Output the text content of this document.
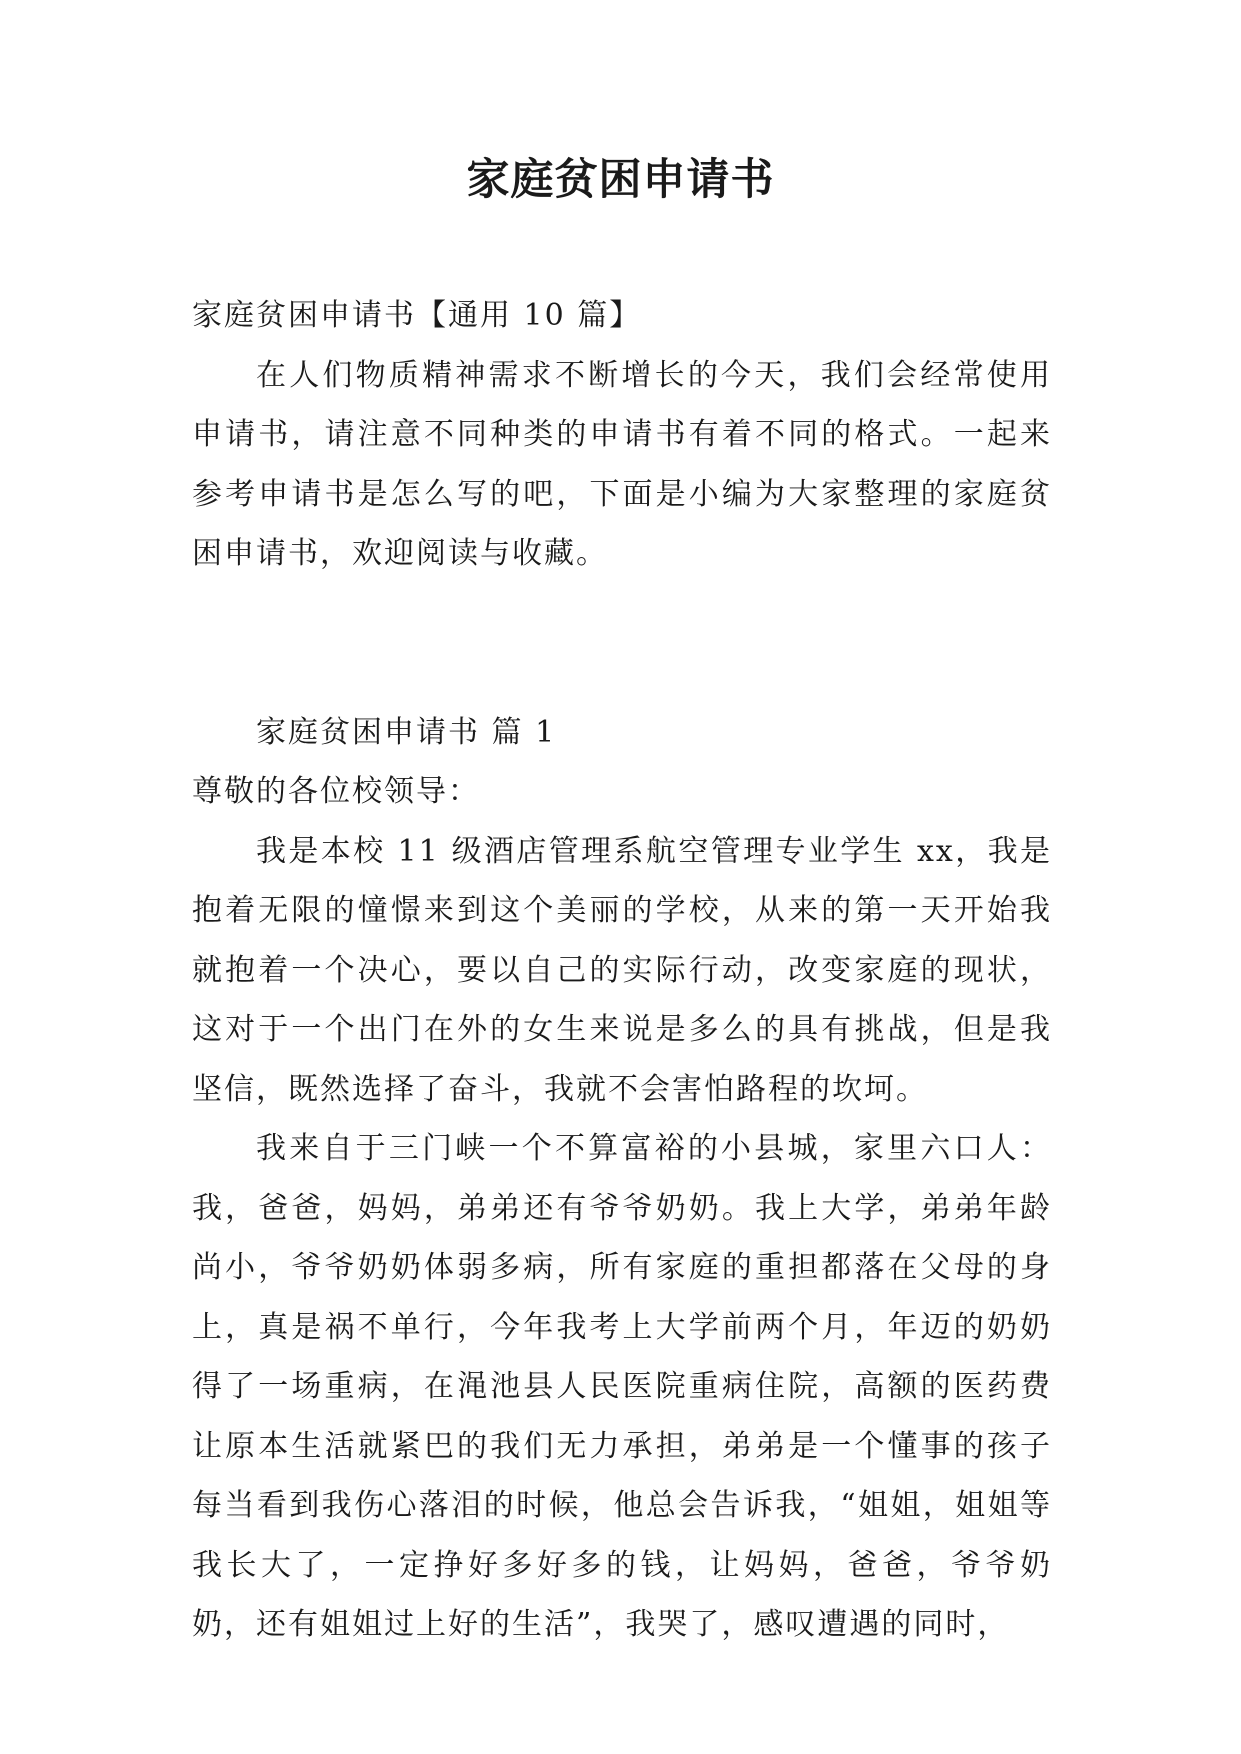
家庭贫困申请书

家庭贫困申请书【通用 10 篇】

在人们物质精神需求不断增长的今天，我们会经常使用申请书，请注意不同种类的申请书有着不同的格式。一起来参考申请书是怎么写的吧，下面是小编为大家整理的家庭贫困申请书，欢迎阅读与收藏。

家庭贫困申请书 篇 1

尊敬的各位校领导：

我是本校 11 级酒店管理系航空管理专业学生 xx，我是抱着无限的憧憬来到这个美丽的学校，从来的第一天开始我就抱着一个决心，要以自己的实际行动，改变家庭的现状，这对于一个出门在外的女生来说是多么的具有挑战，但是我坚信，既然选择了奋斗，我就不会害怕路程的坎坷。

我来自于三门峡一个不算富裕的小县城，家里六口人：我，爸爸，妈妈，弟弟还有爷爷奶奶。我上大学，弟弟年龄尚小，爷爷奶奶体弱多病，所有家庭的重担都落在父母的身上，真是祸不单行，今年我考上大学前两个月，年迈的奶奶得了一场重病，在渑池县人民医院重病住院，高额的医药费让原本生活就紧巴的我们无力承担，弟弟是一个懂事的孩子每当看到我伤心落泪的时候，他总会告诉我，“姐姐，姐姐等我长大了，一定挣好多好多的钱，让妈妈，爸爸，爷爷奶奶，还有姐姐过上好的生活”，我哭了，感叹遭遇的同时，
